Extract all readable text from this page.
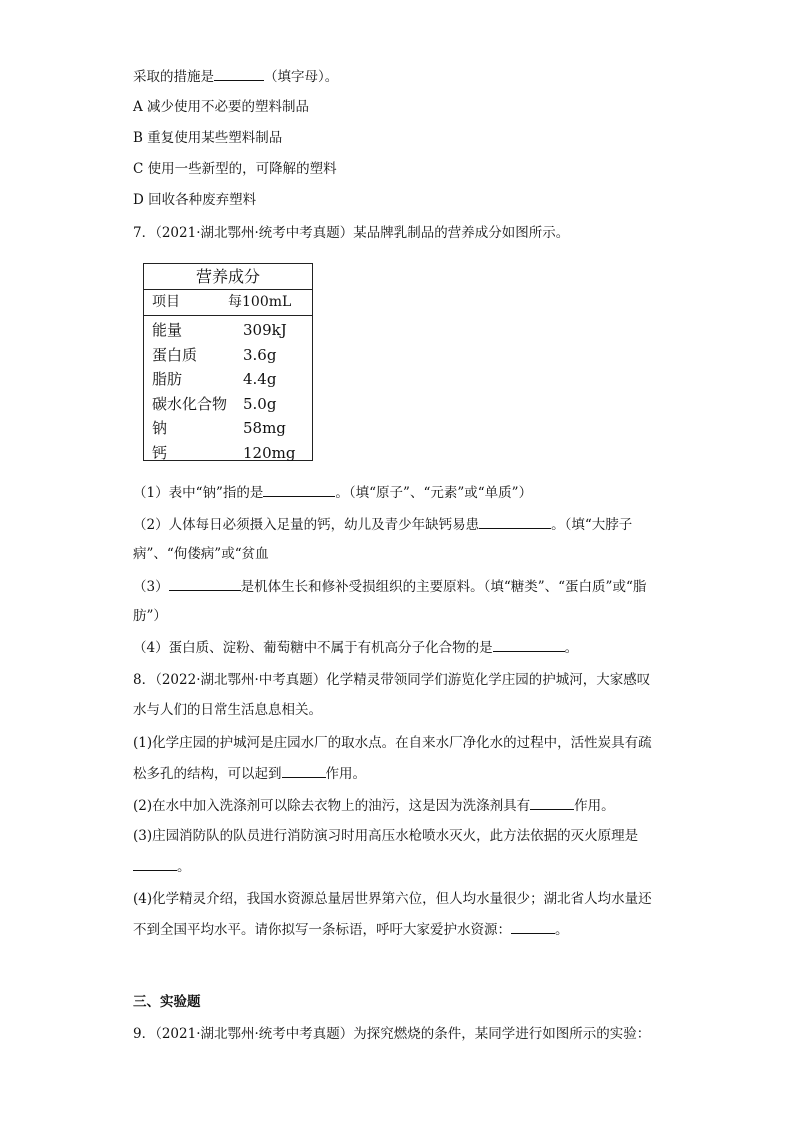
采取的措施是	（填字母）。
A 减少使用不必要的塑料制品
B 重复使用某些塑料制品
C 使用一些新型的，可降解的塑料
D 回收各种废弃塑料
7．（2021·湖北鄂州·统考中考真题）某品牌乳制品的营养成分如图所示。
营养成分
项目	每100mL
能量	309kJ
蛋白质	3.6g
脂肪	4.4g
碳水化合物 5.0g
钠	58mg
钙	120mg
（1）表中“钠”指的是	。（填“原子”、“元素”或“单质”）
（2）人体每日必须摄入足量的钙，幼儿及青少年缺钙易患	。（填“大脖子
病”、“佝偻病”或“贫血
（3）	是机体生长和修补受损组织的主要原料。（填“糖类”、“蛋白质”或“脂
肪”）
（4）蛋白质、淀粉、葡萄糖中不属于有机高分子化合物的是	。
8．（2022·湖北鄂州·中考真题）化学精灵带领同学们游览化学庄园的护城河，大家感叹
水与人们的日常生活息息相关。
(1)化学庄园的护城河是庄园水厂的取水点。在自来水厂净化水的过程中，活性炭具有疏
松多孔的结构，可以起到	作用。
(2)在水中加入洗涤剂可以除去衣物上的油污，这是因为洗涤剂具有	作用。
(3)庄园消防队的队员进行消防演习时用高压水枪喷水灭火，此方法依据的灭火原理是
。
(4)化学精灵介绍，我国水资源总量居世界第六位，但人均水量很少；湖北省人均水量还
不到全国平均水平。请你拟写一条标语，呼吁大家爱护水资源：	。
三、实验题
9．（2021·湖北鄂州·统考中考真题）为探究燃烧的条件，某同学进行如图所示的实验：
